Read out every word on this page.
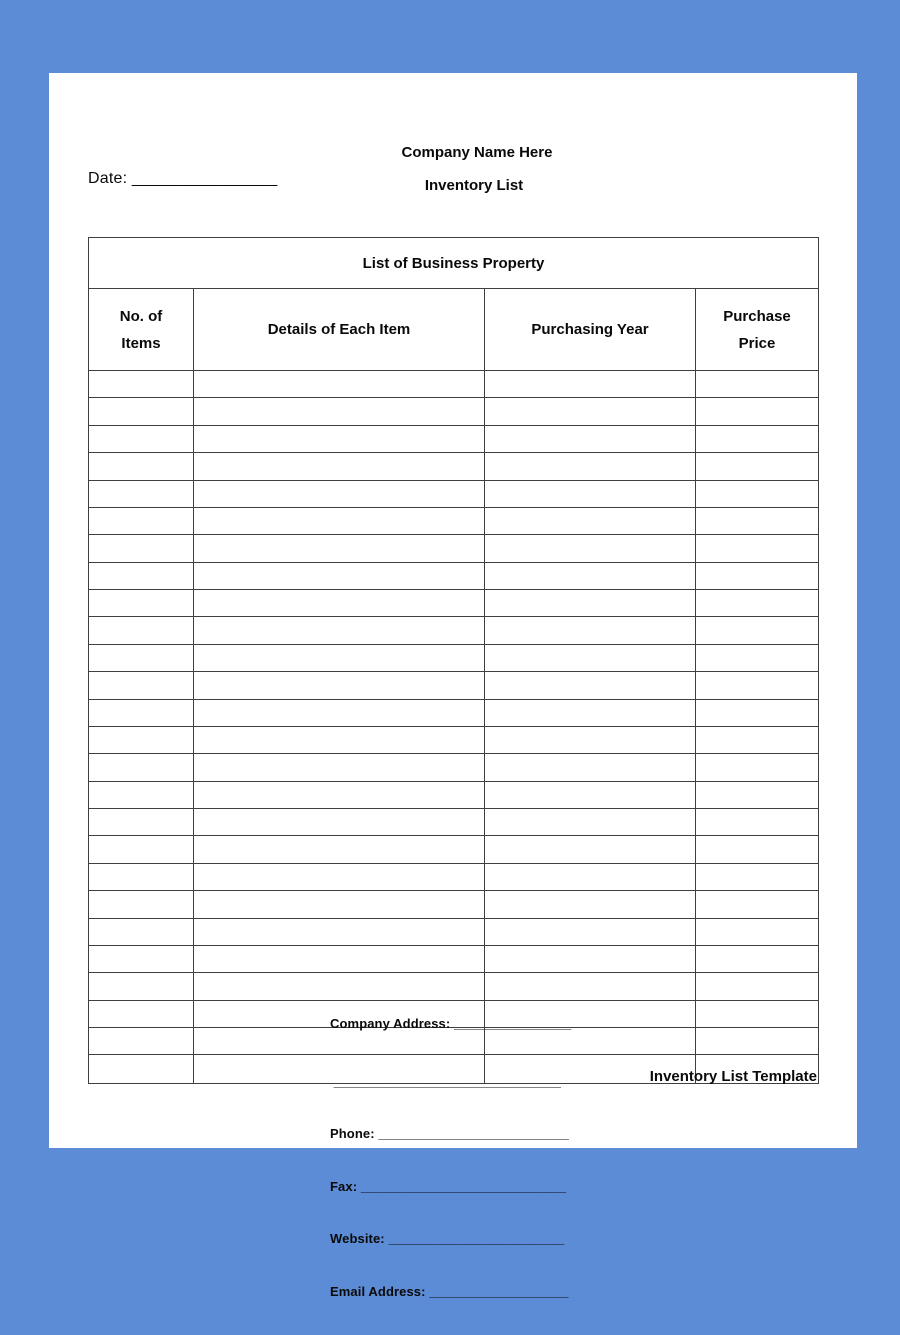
Company Name Here
Inventory List
Date: ________________
List of Business Property
No. of Items
Details of Each Item	Purchasing Year
Purchase Price

Company Address: ________________

_______________________________

Phone: __________________________

Fax: ____________________________

Website: ________________________

Email Address: ___________________

Inventory List Template
